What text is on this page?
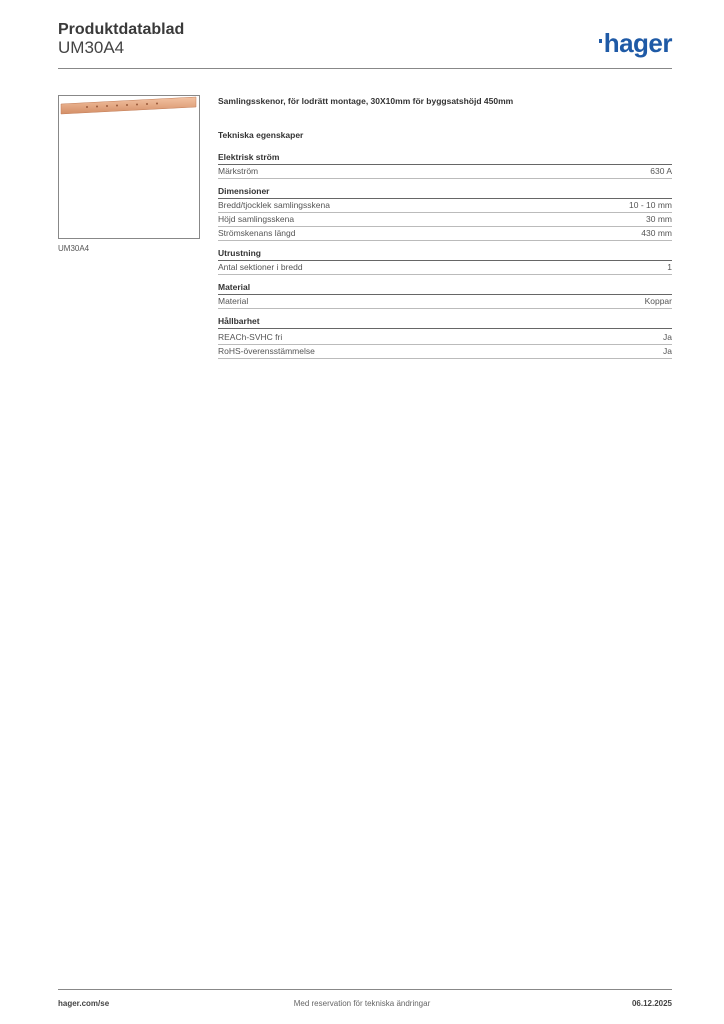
Produktdatablad
UM30A4	hager
UM30A4
Samlingsskenor, för lodrätt montage, 30X10mm för byggsatshöjd 450mm
Tekniska egenskaper
Elektrisk ström
Märkström	630 A
Dimensioner
Bredd/tjocklek samlingsskena	10 - 10 mm
Höjd samlingsskena	30 mm
Strömskenans längd	430 mm
Utrustning
Antal sektioner i bredd	1
Material
Material	Koppar
Hållbarhet
REACh-SVHC fri	Ja
RoHS-överensstämmelse	Ja
hager.com/se	Med reservation för tekniska ändringar	06.12.2025
